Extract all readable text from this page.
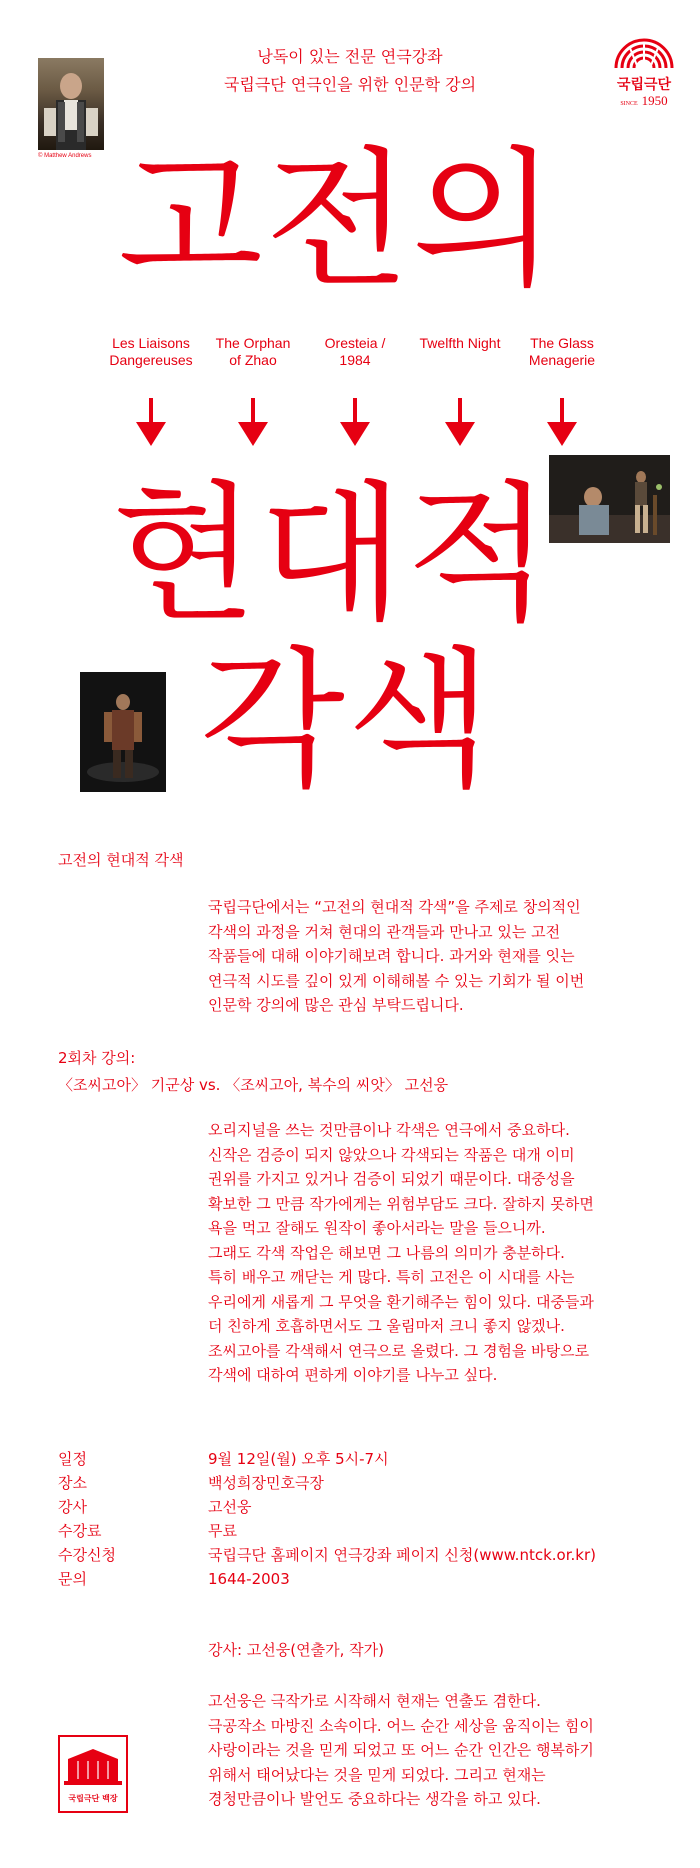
© Matthew Andrews
낭독이 있는 전문 연극강좌
국립극단 연극인을 위한 인문학 강의	국립극단
SINCE 1950
고전의
Les Liaisons
Dangereuses
The Orphan
of Zhao
Oresteia /
1984
Twelfth Night	The Glass
Menagerie
현대적
각색
고전의 현대적 각색
국립극단에서는 “고전의 현대적 각색”을 주제로 창의적인
각색의 과정을 거쳐 현대의 관객들과 만나고 있는 고전
작품들에 대해 이야기해보려 합니다. 과거와 현재를 잇는
연극적 시도를 깊이 있게 이해해볼 수 있는 기회가 될 이번
인문학 강의에 많은 관심 부탁드립니다.
2회차 강의:
〈조씨고아〉 기군상 vs. 〈조씨고아, 복수의 씨앗〉 고선웅
오리지널을 쓰는 것만큼이나 각색은 연극에서 중요하다.
신작은 검증이 되지 않았으나 각색되는 작품은 대개 이미
권위를 가지고 있거나 검증이 되었기 때문이다. 대중성을
확보한 그 만큼 작가에게는 위험부담도 크다. 잘하지 못하면
욕을 먹고 잘해도 원작이 좋아서라는 말을 들으니까.
그래도 각색 작업은 해보면 그 나름의 의미가 충분하다.
특히 배우고 깨닫는 게 많다. 특히 고전은 이 시대를 사는
우리에게 새롭게 그 무엇을 환기해주는 힘이 있다. 대중들과
더 친하게 호흡하면서도 그 울림마저 크니 좋지 않겠나.
조씨고아를 각색해서 연극으로 올렸다. 그 경험을 바탕으로
각색에 대하여 편하게 이야기를 나누고 싶다.
일정	9월 12일(월) 오후 5시-7시
장소	백성희장민호극장
강사	고선웅
수강료	무료
수강신청	국립극단 홈페이지 연극강좌 페이지 신청(www.ntck.or.kr)
문의	1644-2003
강사: 고선웅(연출가, 작가)
고선웅은 극작가로 시작해서 현재는 연출도 겸한다.
극공작소 마방진 소속이다. 어느 순간 세상을 움직이는 힘이
사랑이라는 것을 믿게 되었고 또 어느 순간 인간은 행복하기
위해서 태어났다는 것을 믿게 되었다. 그리고 현재는
경청만큼이나 발언도 중요하다는 생각을 하고 있다.
국립극단 백장
